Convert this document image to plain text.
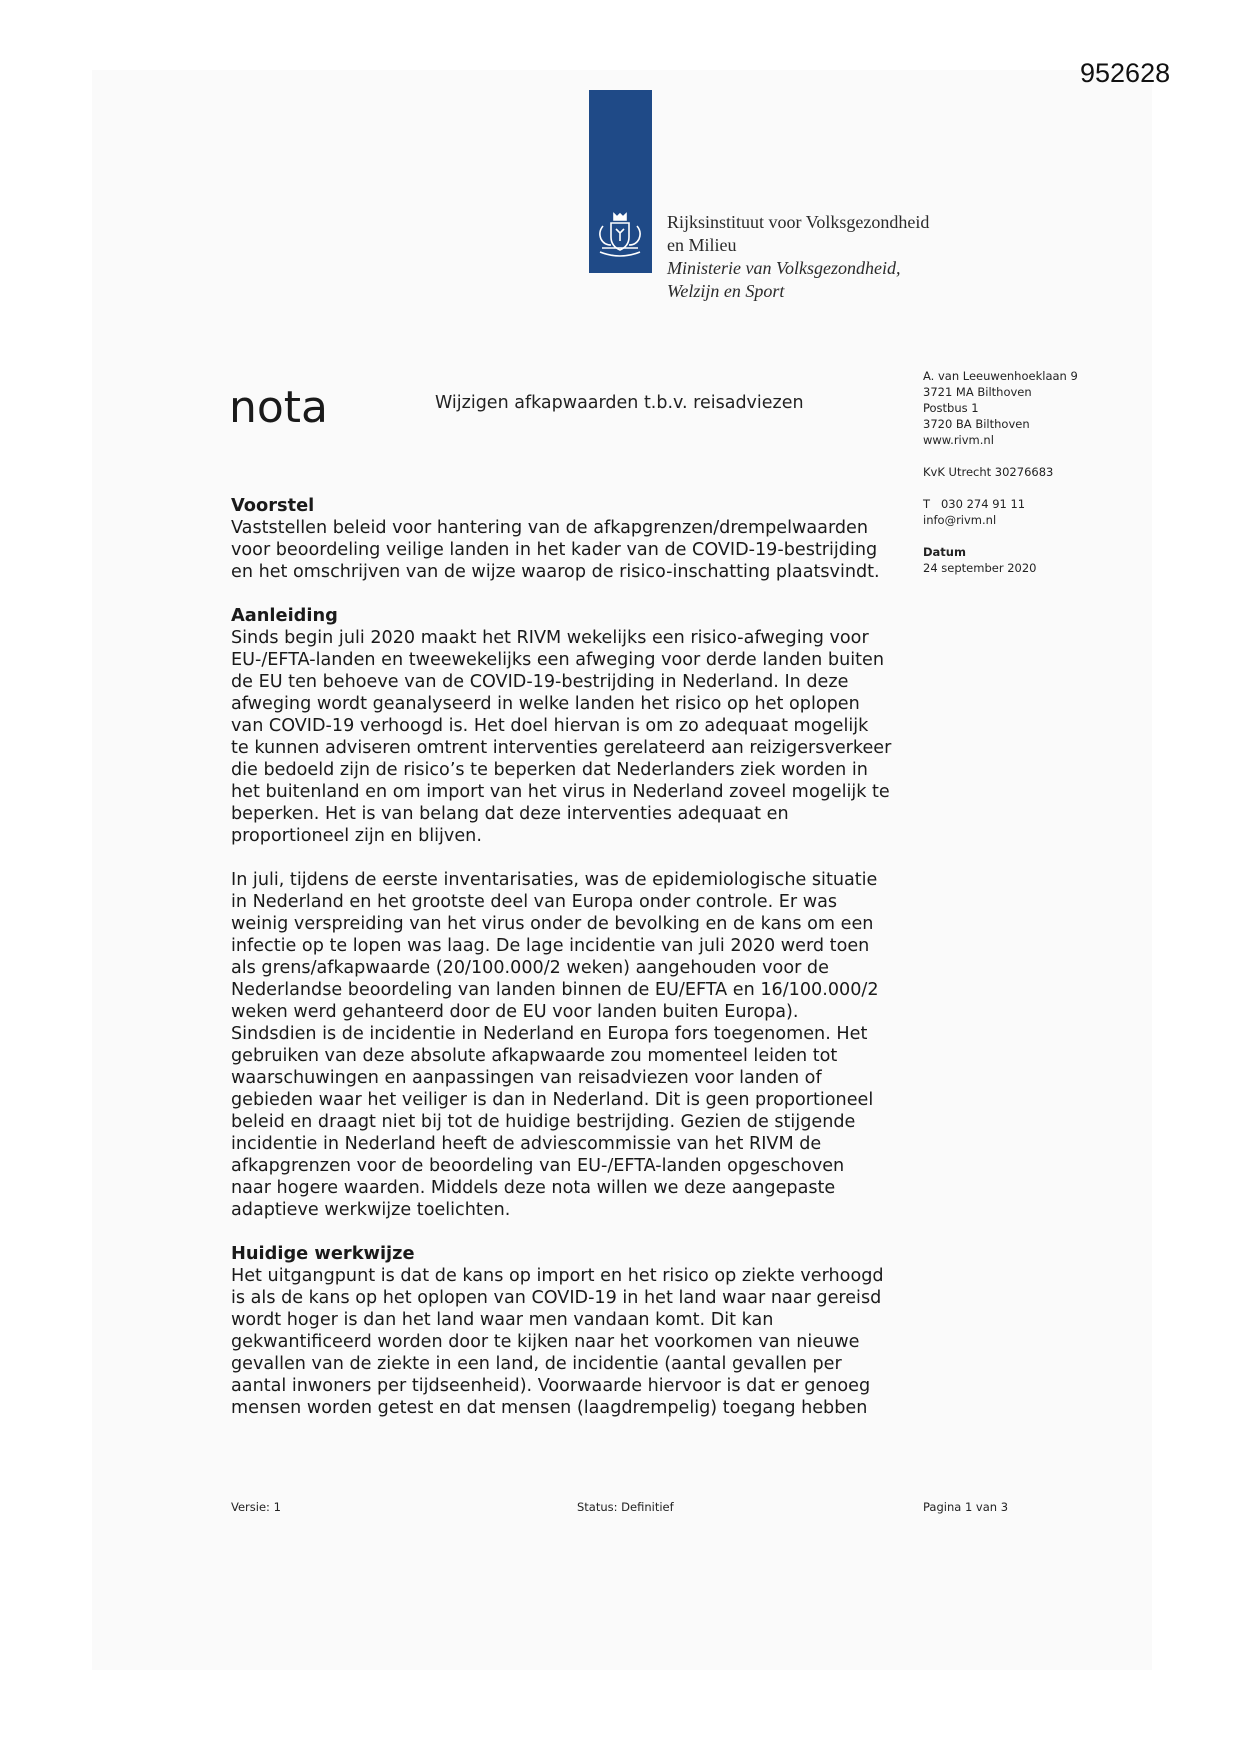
952628
Rijksinstituut voor Volksgezondheid
en Milieu
Ministerie van Volksgezondheid,
Welzijn en Sport
nota	Wijzigen afkapwaarden t.b.v. reisadviezen
A. van Leeuwenhoeklaan 9
3721 MA Bilthoven
Postbus 1
3720 BA Bilthoven
www.rivm.nl
KvK Utrecht 30276683
T   030 274 91 11
info@rivm.nl
Datum
24 september 2020
Voorstel
Vaststellen beleid voor hantering van de afkapgrenzen/drempelwaarden
voor beoordeling veilige landen in het kader van de COVID-19-bestrijding
en het omschrijven van de wijze waarop de risico-inschatting plaatsvindt.
Aanleiding
Sinds begin juli 2020 maakt het RIVM wekelijks een risico-afweging voor
EU-/EFTA-landen en tweewekelijks een afweging voor derde landen buiten
de EU ten behoeve van de COVID-19-bestrijding in Nederland. In deze
afweging wordt geanalyseerd in welke landen het risico op het oplopen
van COVID-19 verhoogd is. Het doel hiervan is om zo adequaat mogelijk
te kunnen adviseren omtrent interventies gerelateerd aan reizigersverkeer
die bedoeld zijn de risico’s te beperken dat Nederlanders ziek worden in
het buitenland en om import van het virus in Nederland zoveel mogelijk te
beperken. Het is van belang dat deze interventies adequaat en
proportioneel zijn en blijven.
In juli, tijdens de eerste inventarisaties, was de epidemiologische situatie
in Nederland en het grootste deel van Europa onder controle. Er was
weinig verspreiding van het virus onder de bevolking en de kans om een
infectie op te lopen was laag. De lage incidentie van juli 2020 werd toen
als grens/afkapwaarde (20/100.000/2 weken) aangehouden voor de
Nederlandse beoordeling van landen binnen de EU/EFTA en 16/100.000/2
weken werd gehanteerd door de EU voor landen buiten Europa).
Sindsdien is de incidentie in Nederland en Europa fors toegenomen. Het
gebruiken van deze absolute afkapwaarde zou momenteel leiden tot
waarschuwingen en aanpassingen van reisadviezen voor landen of
gebieden waar het veiliger is dan in Nederland. Dit is geen proportioneel
beleid en draagt niet bij tot de huidige bestrijding. Gezien de stijgende
incidentie in Nederland heeft de adviescommissie van het RIVM de
afkapgrenzen voor de beoordeling van EU-/EFTA-landen opgeschoven
naar hogere waarden. Middels deze nota willen we deze aangepaste
adaptieve werkwijze toelichten.
Huidige werkwijze
Het uitgangpunt is dat de kans op import en het risico op ziekte verhoogd
is als de kans op het oplopen van COVID-19 in het land waar naar gereisd
wordt hoger is dan het land waar men vandaan komt. Dit kan
gekwantificeerd worden door te kijken naar het voorkomen van nieuwe
gevallen van de ziekte in een land, de incidentie (aantal gevallen per
aantal inwoners per tijdseenheid). Voorwaarde hiervoor is dat er genoeg
mensen worden getest en dat mensen (laagdrempelig) toegang hebben
Versie: 1	Status: Definitief	Pagina 1 van 3
